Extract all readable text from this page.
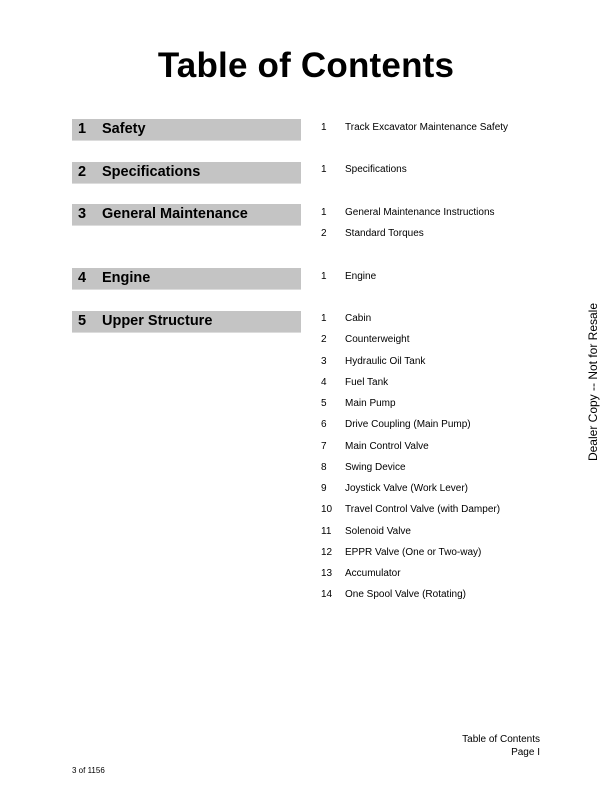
Table of Contents
1 Safety	1 Track Excavator Maintenance Safety
2 Specifications	1 Specifications
3 General Maintenance	1 General Maintenance Instructions
2 Standard Torques
4 Engine	1 Engine
5 Upper Structure	1 Cabin
2 Counterweight
3 Hydraulic Oil Tank
4 Fuel Tank
5 Main Pump
6 Drive Coupling (Main Pump)
7 Main Control Valve
8 Swing Device
9 Joystick Valve (Work Lever)
10 Travel Control Valve (with Damper)
11 Solenoid Valve
12 EPPR Valve (One or Two-way)
13 Accumulator
14 One Spool Valve (Rotating)
Dealer Copy -- Not for Resale
Table of Contents
Page I
3 of 1156
